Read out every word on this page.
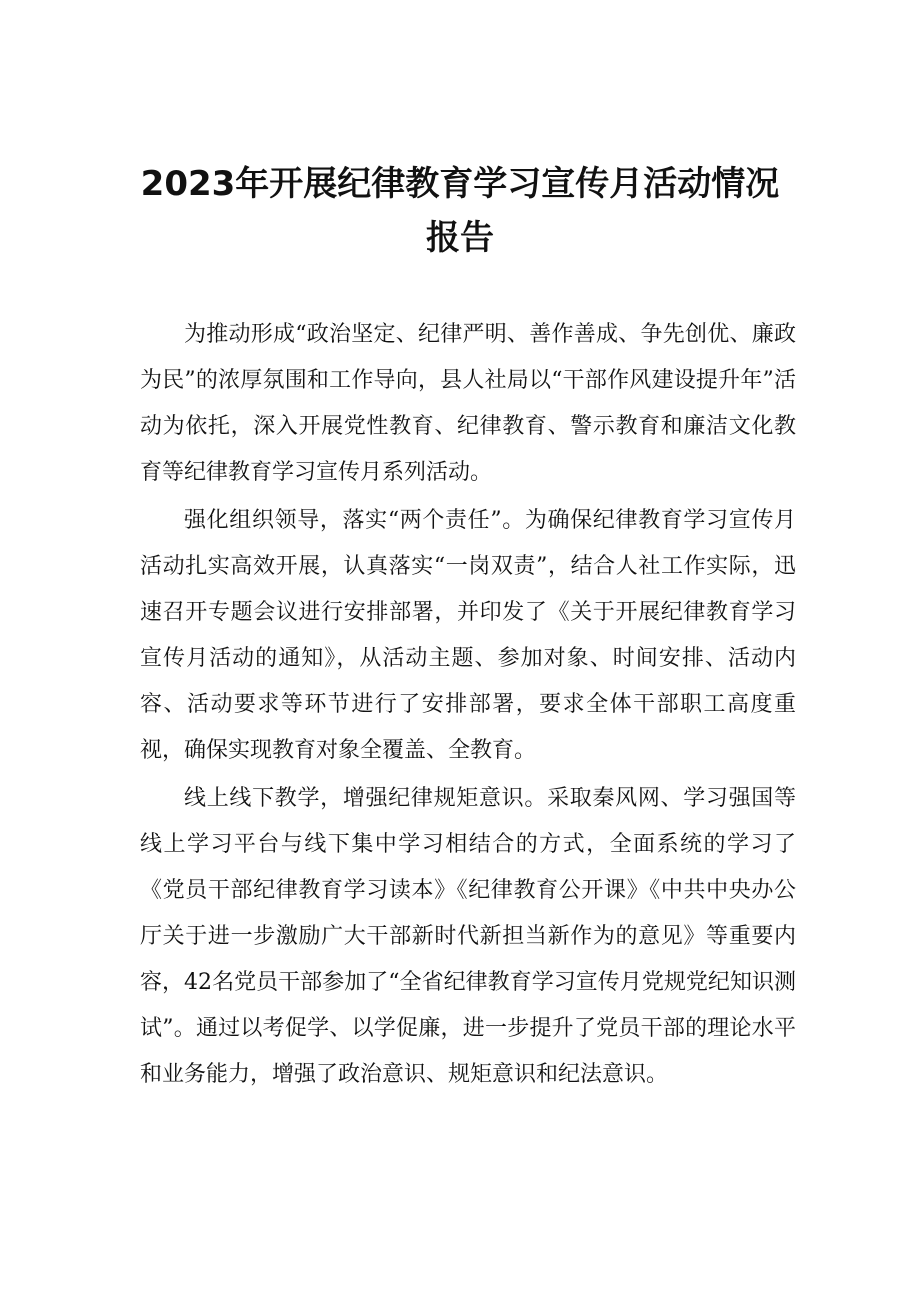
2023年开展纪律教育学习宣传月活动情况
报告

为推动形成“政治坚定、纪律严明、善作善成、争先创优、廉政为民”的浓厚氛围和工作导向，县人社局以“干部作风建设提升年”活动为依托，深入开展党性教育、纪律教育、警示教育和廉洁文化教育等纪律教育学习宣传月系列活动。

强化组织领导，落实“两个责任”。为确保纪律教育学习宣传月活动扎实高效开展，认真落实“一岗双责”，结合人社工作实际，迅速召开专题会议进行安排部署，并印发了《关于开展纪律教育学习宣传月活动的通知》，从活动主题、参加对象、时间安排、活动内容、活动要求等环节进行了安排部署，要求全体干部职工高度重视，确保实现教育对象全覆盖、全教育。

线上线下教学，增强纪律规矩意识。采取秦风网、学习强国等线上学习平台与线下集中学习相结合的方式，全面系统的学习了《党员干部纪律教育学习读本》《纪律教育公开课》《中共中央办公厅关于进一步激励广大干部新时代新担当新作为的意见》等重要内容，42名党员干部参加了“全省纪律教育学习宣传月党规党纪知识测试”。通过以考促学、以学促廉，进一步提升了党员干部的理论水平和业务能力，增强了政治意识、规矩意识和纪法意识。
